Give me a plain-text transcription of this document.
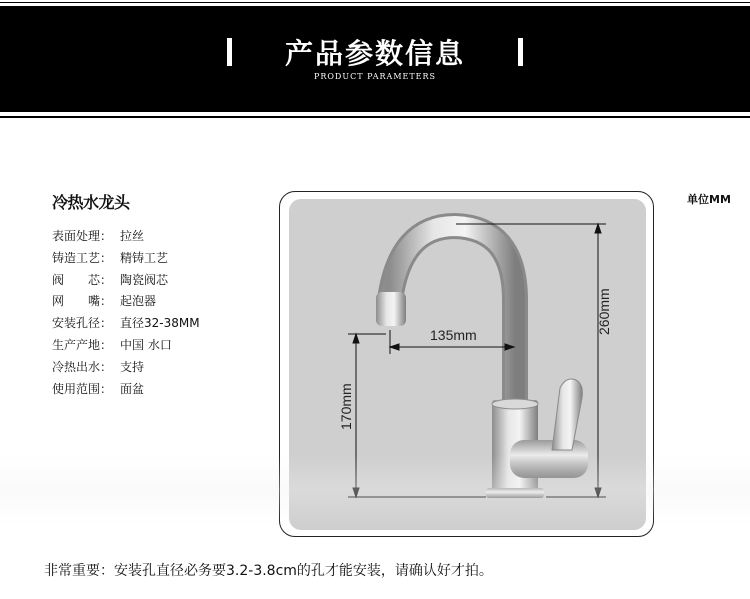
产品参数信息
PRODUCT PARAMETERS
冷热水龙头
表面处理： 拉丝
铸造工艺： 精铸工艺
阀　　芯： 陶瓷阀芯
网　　嘴： 起泡器
安装孔径： 直径32-38MM
生产产地： 中国 水口
冷热出水： 支持
使用范围： 面盆
单位MM
135mm	260mm
170mm
非常重要：安装孔直径必务要3.2-3.8cm的孔才能安装，请确认好才拍。
